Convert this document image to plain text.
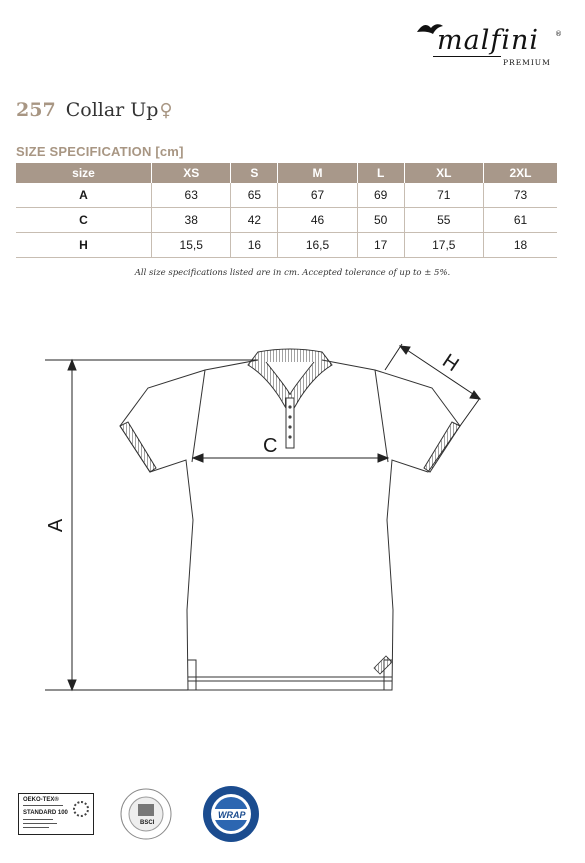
malfini ®
PREMIUM
257 Collar Up♀
SIZE SPECIFICATION [cm]
size	XS	S	M	L	XL	2XL
A	63	65	67	69	71	73
C	38	42	46	50	55	61
H	15,5	16	16,5	17	17,5	18
All size specifications listed are in cm. Accepted tolerance of up to ± 5%.
A
C
H
OEKO-TEX®
STANDARD 100
BSCI
WRAP
